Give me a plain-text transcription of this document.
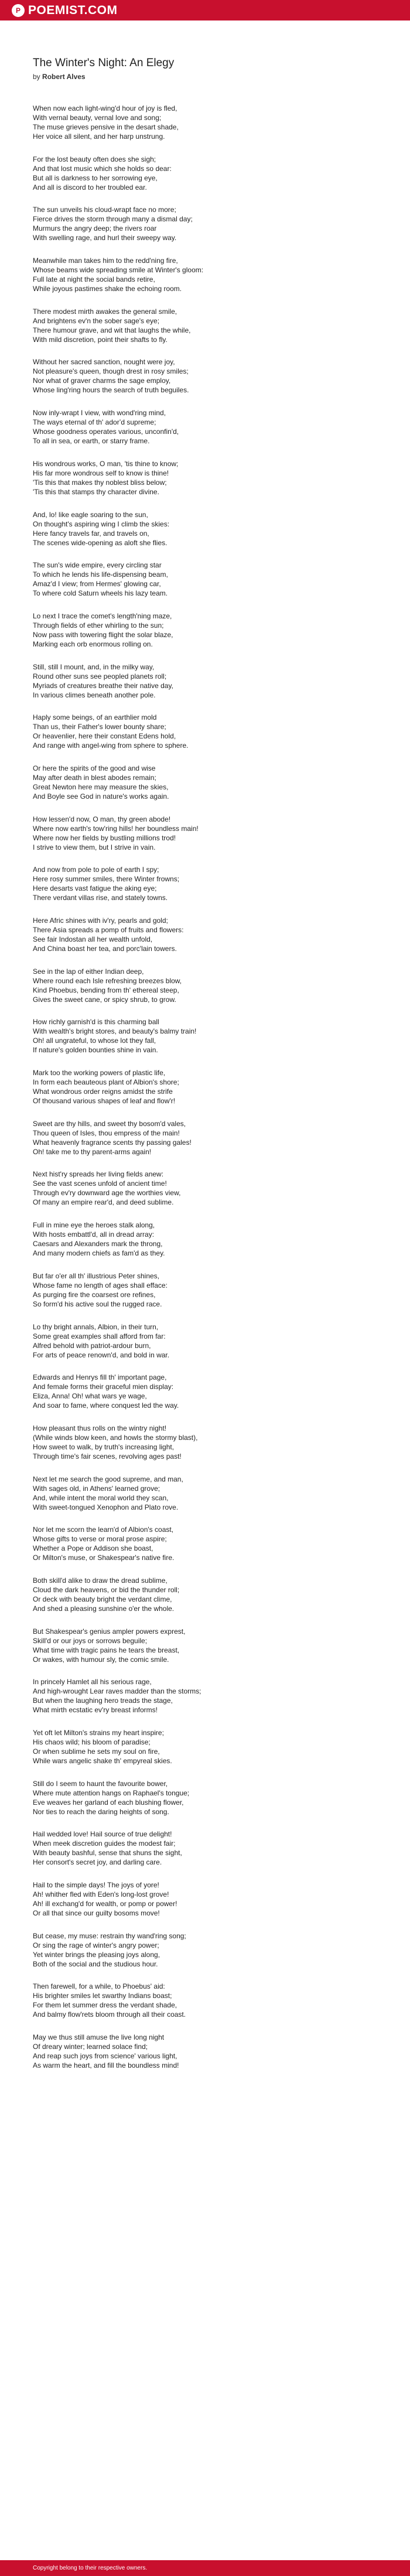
P POEMIST.COM
The Winter's Night: An Elegy

by Robert Alves

When now each light-wing'd hour of joy is fled,
With vernal beauty, vernal love and song;
The muse grieves pensive in the desart shade,
Her voice all silent, and her harp unstrung.
For the lost beauty often does she sigh;
And that lost music which she holds so dear:
But all is darkness to her sorrowing eye,
And all is discord to her troubled ear.
The sun unveils his cloud-wrapt face no more;
Fierce drives the storm through many a dismal day;
Murmurs the angry deep; the rivers roar
With swelling rage, and hurl their sweepy way.
Meanwhile man takes him to the redd'ning fire,
Whose beams wide spreading smile at Winter's gloom:
Full late at night the social bands retire,
While joyous pastimes shake the echoing room.
There modest mirth awakes the general smile,
And brightens ev'n the sober sage's eye;
There humour grave, and wit that laughs the while,
With mild discretion, point their shafts to fly.
Without her sacred sanction, nought were joy,
Not pleasure's queen, though drest in rosy smiles;
Nor what of graver charms the sage employ,
Whose ling'ring hours the search of truth beguiles.
Now inly-wrapt I view, with wond'ring mind,
The ways eternal of th' adorʼd supreme;
Whose goodness operates various, unconfin'd,
To all in sea, or earth, or starry frame.
His wondrous works, O man, 'tis thine to know;
His far more wondrous self to know is thine!
'Tis this that makes thy noblest bliss below;
'Tis this that stamps thy character divine.
And, lo! like eagle soaring to the sun,
On thought's aspiring wing I climb the skies:
Here fancy travels far, and travels on,
The scenes wide-opening as aloft she flies.
The sun's wide empire, every circling star
To which he lends his life-dispensing beam,
Amaz'd I view; from Hermes' glowing car,
To where cold Saturn wheels his lazy team.
Lo next I trace the comet's length'ning maze,
Through fields of ether whirling to the sun;
Now pass with towering flight the solar blaze,
Marking each orb enormous rolling on.
Still, still I mount, and, in the milky way,
Round other suns see peopled planets roll;
Myriads of creatures breathe their native day,
In various climes beneath another pole.
Haply some beings, of an earthlier mold
Than us, their Father's lower bounty share;
Or heavenlier, here their constant Edens hold,
And range with angel-wing from sphere to sphere.
Or here the spirits of the good and wise
May after death in blest abodes remain;
Great Newton here may measure the skies,
And Boyle see God in nature's works again.
How lessen'd now, O man, thy green abode!
Where now earth's tow'ring hills! her boundless main!
Where now her fields by bustling millions trod!
I strive to view them, but I strive in vain.
And now from pole to pole of earth I spy;
Here rosy summer smiles, there Winter frowns;
Here desarts vast fatigue the aking eye;
There verdant villas rise, and stately towns.
Here Afric shines with iv'ry, pearls and gold;
There Asia spreads a pomp of fruits and flowers:
See fair Indostan all her wealth unfold,
And China boast her tea, and porc'lain towers.
See in the lap of either Indian deep,
Where round each Isle refreshing breezes blow,
Kind Phoebus, bending from th' ethereal steep,
Gives the sweet cane, or spicy shrub, to grow.
How richly garnish'd is this charming ball
With wealth's bright stores, and beauty's balmy train!
Oh! all ungrateful, to whose lot they fall,
If nature's golden bounties shine in vain.
Mark too the working powers of plastic life,
In form each beauteous plant of Albion's shore;
What wondrous order reigns amidst the strife
Of thousand various shapes of leaf and flow'r!
Sweet are thy hills, and sweet thy bosom'd vales,
Thou queen of Isles, thou empress of the main!
What heavenly fragrance scents thy passing gales!
Oh! take me to thy parent-arms again!
Next hist'ry spreads her living fields anew:
See the vast scenes unfold of ancient time!
Through ev'ry downward age the worthies view,
Of many an empire rear'd, and deed sublime.
Full in mine eye the heroes stalk along,
With hosts embattl'd, all in dread array:
Caesars and Alexanders mark the throng,
And many modern chiefs as fam'd as they.
But far o'er all th' illustrious Peter shines,
Whose fame no length of ages shall efface:
As purging fire the coarsest ore refines,
So form'd his active soul the rugged race.
Lo thy bright annals, Albion, in their turn,
Some great examples shall afford from far:
Alfred behold with patriot-ardour burn,
For arts of peace renown'd, and bold in war.
Edwards and Henrys fill th' important page,
And female forms their graceful mien display:
Eliza, Anna! Oh! what wars ye wage,
And soar to fame, where conquest led the way.
How pleasant thus rolls on the wintry night!
(While winds blow keen, and howls the stormy blast),
How sweet to walk, by truth's increasing light,
Through time's fair scenes, revolving ages past!
Next let me search the good supreme, and man,
With sages old, in Athens' learned grove;
And, while intent the moral world they scan,
With sweet-tongued Xenophon and Plato rove.
Nor let me scorn the learn'd of Albion's coast,
Whose gifts to verse or moral prose aspire;
Whether a Pope or Addison she boast,
Or Milton's muse, or Shakespear's native fire.
Both skill'd alike to draw the dread sublime,
Cloud the dark heavens, or bid the thunder roll;
Or deck with beauty bright the verdant clime,
And shed a pleasing sunshine o'er the whole.
But Shakespear's genius ampler powers exprest,
Skill'd or our joys or sorrows beguile;
What time with tragic pains he tears the breast,
Or wakes, with humour sly, the comic smile.
In princely Hamlet all his serious rage,
And high-wrought Lear raves madder than the storms;
But when the laughing hero treads the stage,
What mirth ecstatic ev'ry breast informs!
Yet oft let Milton's strains my heart inspire;
His chaos wild; his bloom of paradise;
Or when sublime he sets my soul on fire,
While wars angelic shake th' empyreal skies.
Still do I seem to haunt the favourite bower,
Where mute attention hangs on Raphael's tongue;
Eve weaves her garland of each blushing flower,
Nor ties to reach the daring heights of song.
Hail wedded love! Hail source of true delight!
When meek discretion guides the modest fair;
With beauty bashful, sense that shuns the sight,
Her consort's secret joy, and darling care.
Hail to the simple days! The joys of yore!
Ah! whither fled with Eden's long-lost grove!
Ah! ill exchang'd for wealth, or pomp or power!
Or all that since our guilty bosoms move!
But cease, my muse: restrain thy wand'ring song;
Or sing the rage of winter's angry power;
Yet winter brings the pleasing joys along,
Both of the social and the studious hour.
Then farewell, for a while, to Phoebus' aid:
His brighter smiles let swarthy Indians boast;
For them let summer dress the verdant shade,
And balmy flow'rets bloom through all their coast.
May we thus still amuse the live long night
Of dreary winter; learned solace find;
And reap such joys from science' various light,
As warm the heart, and fill the boundless mind!
Copyright belong to their respective owners.
